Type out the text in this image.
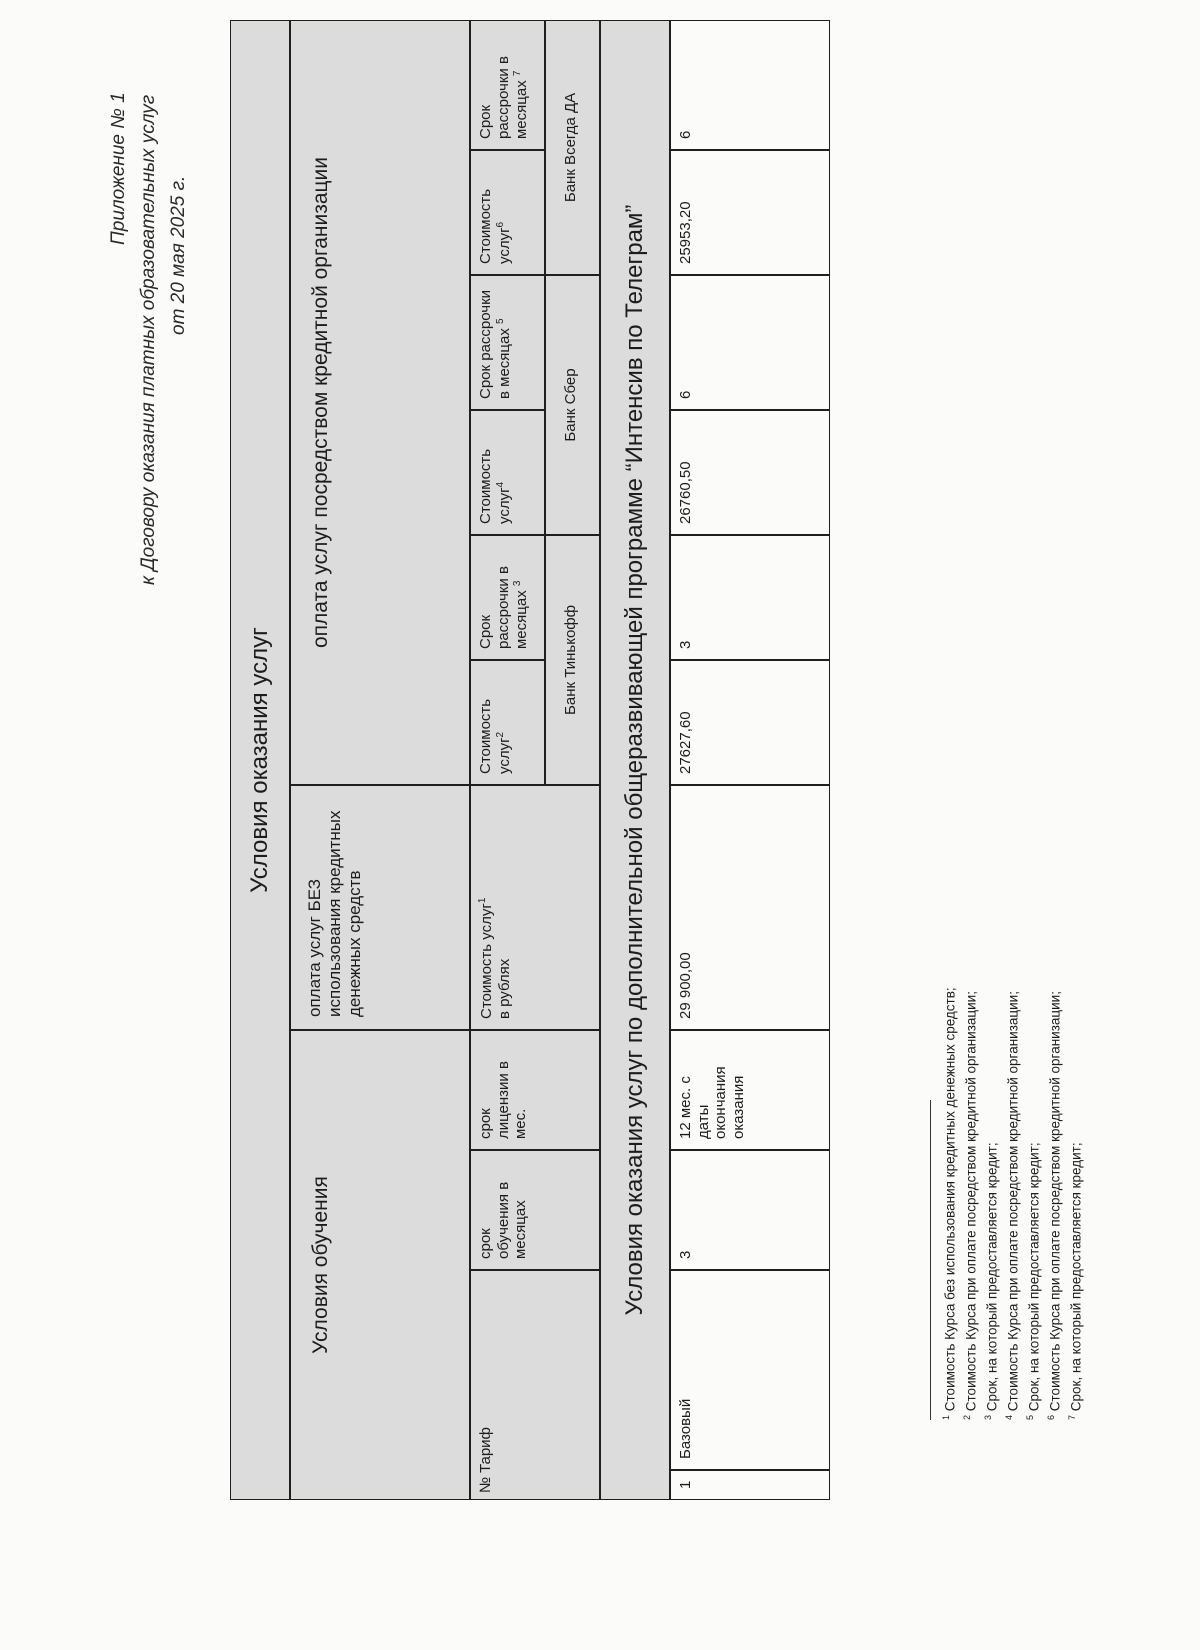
Приложение № 1 к Договору оказания платных образовательных услуг от 20 мая 2025 г.
Условия оказания услуг
Условия обучения
оплата услуг БЕЗ использования кредитных денежных средств
оплата услуг посредством кредитной организации
№
Тариф
срок обучения в месяцах
срок лицензии в мес.
Стоимость услуг$^1$
в рублях
Стоимость услуг$^2$
Срок рассрочки в месяцах $^3$
Стоимость услуг$^4$
Срок рассрочки в месяцах $^5$
Стоимость услуг$^6$
Срок рассрочки в месяцах $^7$
Банк Тинькофф
Банк Сбер
Банк Всегда ДА
Условия оказания услуг по дополнительной общеразвивающей программе “Интенсив по Телеграм”
1
Базовый
3
12 мес. с даты окончания оказания
29 900,00
27627,60
3
26760,50
6
25953,20
6
$^1$ Стоимость Курса без использования кредитных денежных средств;
$^2$ Стоимость Курса при оплате посредством кредитной организации;
$^3$ Срок, на который предоставляется кредит;
$^4$ Стоимость Курса при оплате посредством кредитной организации;
$^5$ Срок, на который предоставляется кредит;
$^6$ Стоимость Курса при оплате посредством кредитной организации;
$^7$ Срок, на который предоставляется кредит;
